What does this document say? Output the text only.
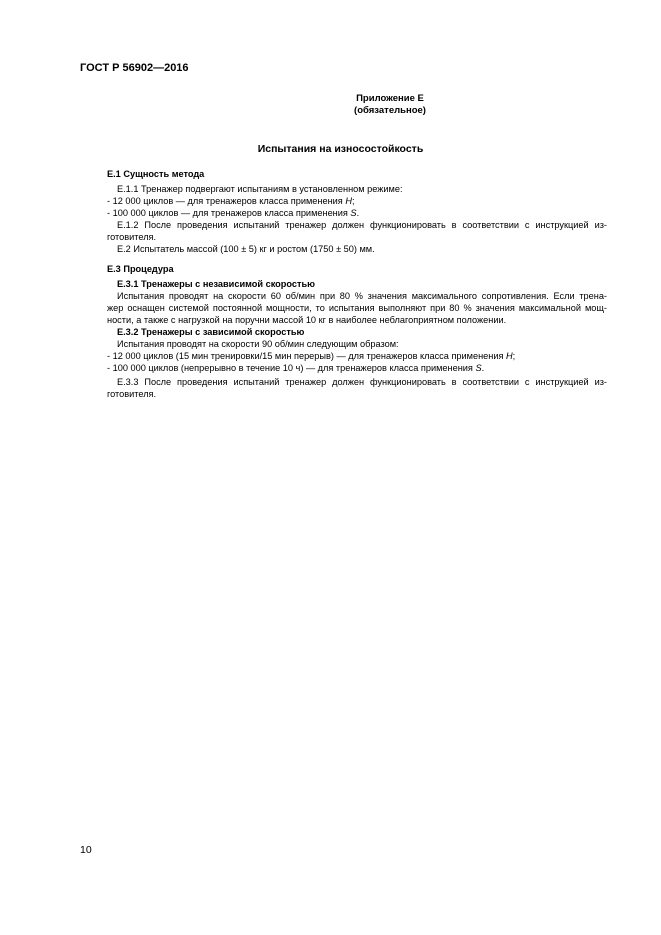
ГОСТ Р 56902—2016
Приложение Е
(обязательное)
Испытания на износостойкость
Е.1 Сущность метода
Е.1.1 Тренажер подвергают испытаниям в установленном режиме:
- 12 000 циклов — для тренажеров класса применения Н;
- 100 000 циклов — для тренажеров класса применения S.
Е.1.2 После проведения испытаний тренажер должен функционировать в соответствии с инструкцией из-
готовителя.
Е.2 Испытатель массой (100 ± 5) кг и ростом (1750 ± 50) мм.
Е.3 Процедура
Е.3.1 Тренажеры с независимой скоростью
Испытания проводят на скорости 60 об/мин при 80 % значения максимального сопротивления. Если трена-
жер оснащен системой постоянной мощности, то испытания выполняют при 80 % значения максимальной мощ-
ности, а также с нагрузкой на поручни массой 10 кг в наиболее неблагоприятном положении.
Е.3.2 Тренажеры с зависимой скоростью
Испытания проводят на скорости 90 об/мин следующим образом:
- 12 000 циклов (15 мин тренировки/15 мин перерыв) — для тренажеров класса применения Н;
- 100 000 циклов (непрерывно в течение 10 ч) — для тренажеров класса применения S.
Е.3.3 После проведения испытаний тренажер должен функционировать в соответствии с инструкцией из-
готовителя.
10
